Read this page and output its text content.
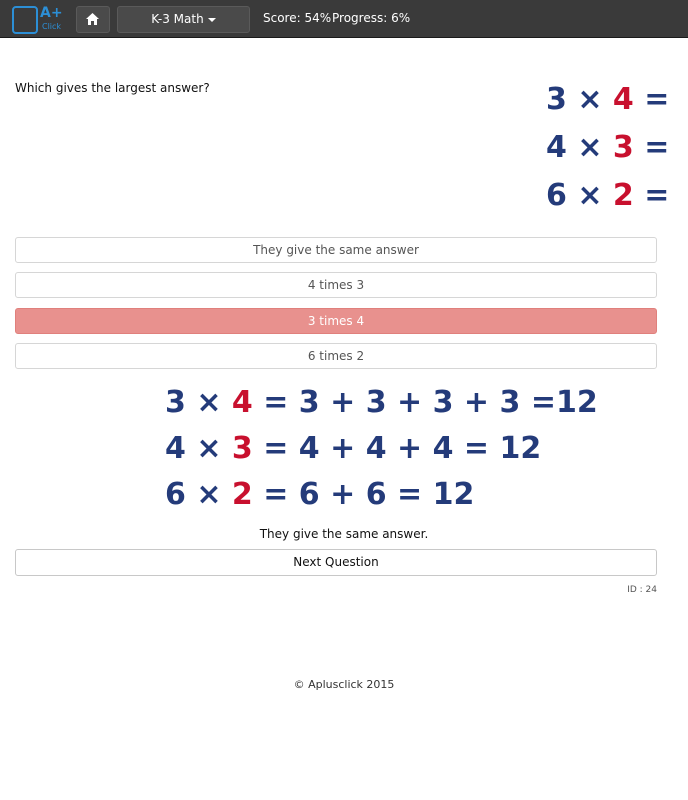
A+
Click
K-3 Math	Score: 54% Progress: 6%
Which gives the largest answer?	3 × 4 =
4 × 3 =
6 × 2 =
They give the same answer
4 times 3
3 times 4
6 times 2
3 × 4 = 3 + 3 + 3 + 3 =12
4 × 3 = 4 + 4 + 4 = 12
6 × 2 = 6 + 6 = 12
They give the same answer.
Next Question
ID : 24
© Aplusclick 2015
